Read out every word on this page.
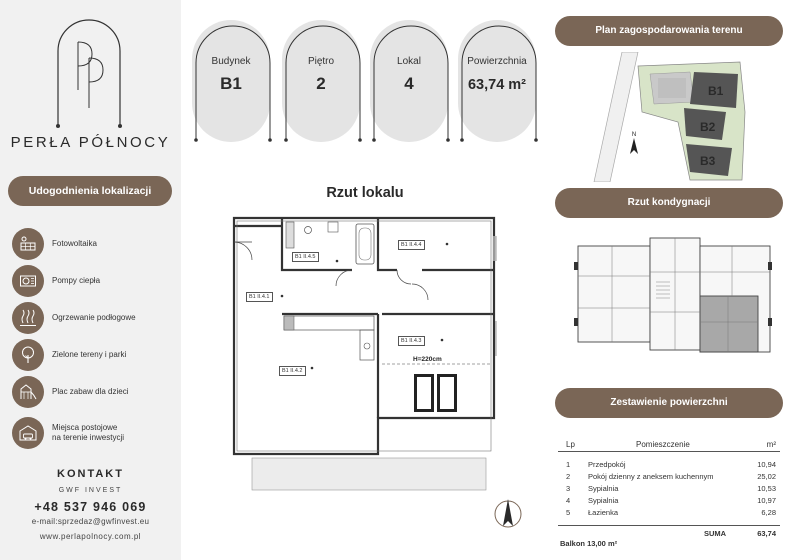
PERŁA PÓŁNOCY
Udogodnienia lokalizacji
Fotowoltaika
Pompy ciepła
Ogrzewanie podłogowe
Zielone tereny i parki
Plac zabaw dla dzieci
Miejsca postojowe
na terenie inwestycji
KONTAKT
GWF INVEST
+48 537 946 069
e-mail:sprzedaz@gwfinvest.eu
www.perlapolnocy.com.pl
Budynek
B1
Piętro
2
Lokal
4
Powierzchnia
63,74 m²
Rzut lokalu
B1 II.4.1
B1 II.4.2
B1 II.4.3
B1 II.4.4
B1 II.4.5
H=220cm
Plan zagospodarowania terenu
N
B1
B2
B3
Rzut kondygnacji
Zestawienie powierzchni
Lp	Pomieszczenie	m²
1 Przedpokój	10,94
2 Pokój dzienny z aneksem kuchennym	25,02
3 Sypialnia	10,53
4 Sypialnia	10,97
5 Łazienka	6,28
SUMA	63,74
Balkon 13,00 m²
